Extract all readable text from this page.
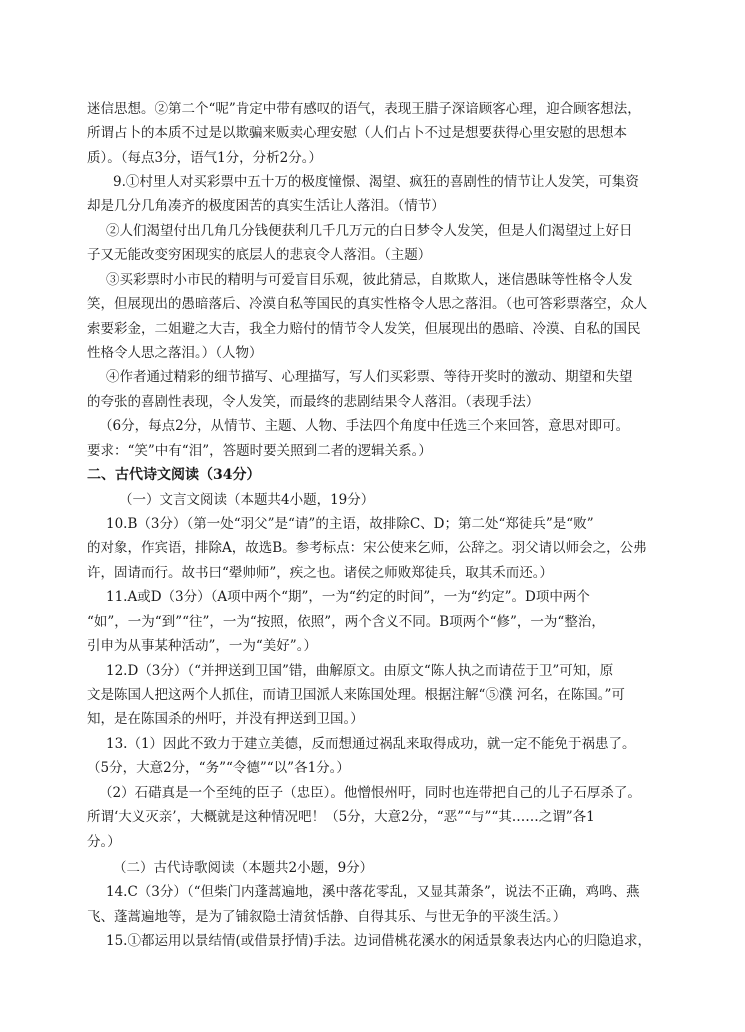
迷信思想。②第二个“呢”肯定中带有感叹的语气，表现王腊子深谙顾客心理，迎合顾客想法，
所谓占卜的本质不过是以欺骗来贩卖心理安慰（人们占卜不过是想要获得心里安慰的思想本
质）。（每点3分，语气1分，分析2分。）
9.①村里人对买彩票中五十万的极度憧憬、渴望、疯狂的喜剧性的情节让人发笑，可集资
却是几分几角凑齐的极度困苦的真实生活让人落泪。（情节）
②人们渴望付出几角几分钱便获利几千几万元的白日梦令人发笑，但是人们渴望过上好日
子又无能改变穷困现实的底层人的悲哀令人落泪。（主题）
③买彩票时小市民的精明与可爱盲目乐观，彼此猜忌，自欺欺人，迷信愚昧等性格令人发
笑，但展现出的愚暗落后、冷漠自私等国民的真实性格令人思之落泪。（也可答彩票落空，众人
索要彩金，二姐避之大吉，我全力赔付的情节令人发笑，但展现出的愚暗、冷漠、自私的国民
性格令人思之落泪。）（人物）
④作者通过精彩的细节描写、心理描写，写人们买彩票、等待开奖时的激动、期望和失望
的夸张的喜剧性表现，令人发笑，而最终的悲剧结果令人落泪。（表现手法）
（6分，每点2分，从情节、主题、人物、手法四个角度中任选三个来回答，意思对即可。
要求：“笑”中有“泪”，答题时要关照到二者的逻辑关系。）
二、古代诗文阅读（34分）
（一）文言文阅读（本题共4小题，19分）
10.B（3分）（第一处“羽父”是“请”的主语，故排除C、D；第二处“郑徒兵”是“败”
的对象，作宾语，排除A，故选B。参考标点：宋公使来乞师，公辞之。羽父请以师会之，公弗
许，固请而行。故书曰“翚帅师”，疾之也。诸侯之师败郑徒兵，取其禾而还。）
11.A或D（3分）（A项中两个“期”，一为“约定的时间”，一为“约定”。D项中两个
“如”，一为“到”“往”，一为“按照，依照”，两个含义不同。B项两个“修”，一为“整治，
引申为从事某种活动”，一为“美好”。）
12.D（3分）（“并押送到卫国”错，曲解原文。由原文“陈人执之而请莅于卫”可知，原
文是陈国人把这两个人抓住，而请卫国派人来陈国处理。根据注解“⑤濮 河名，在陈国。”可
知，是在陈国杀的州吁，并没有押送到卫国。）
13.（1）因此不致力于建立美德，反而想通过祸乱来取得成功，就一定不能免于祸患了。
（5分，大意2分，“务”“令德”“以”各1分。）
（2）石碏真是一个至纯的臣子（忠臣）。他憎恨州吁，同时也连带把自己的儿子石厚杀了。
所谓‘大义灭亲’，大概就是这种情况吧！（5分，大意2分，“恶”“与”“其……之谓”各1
分。）
（二）古代诗歌阅读（本题共2小题，9分）
14.C（3分）（“但柴门内蓬蒿遍地，溪中落花零乱，又显其萧条”，说法不正确，鸡鸣、燕
飞、蓬蒿遍地等，是为了铺叙隐士清贫恬静、自得其乐、与世无争的平淡生活。）
15.①都运用以景结情(或借景抒情)手法。边词借桃花溪水的闲适景象表达内心的归隐追求，
